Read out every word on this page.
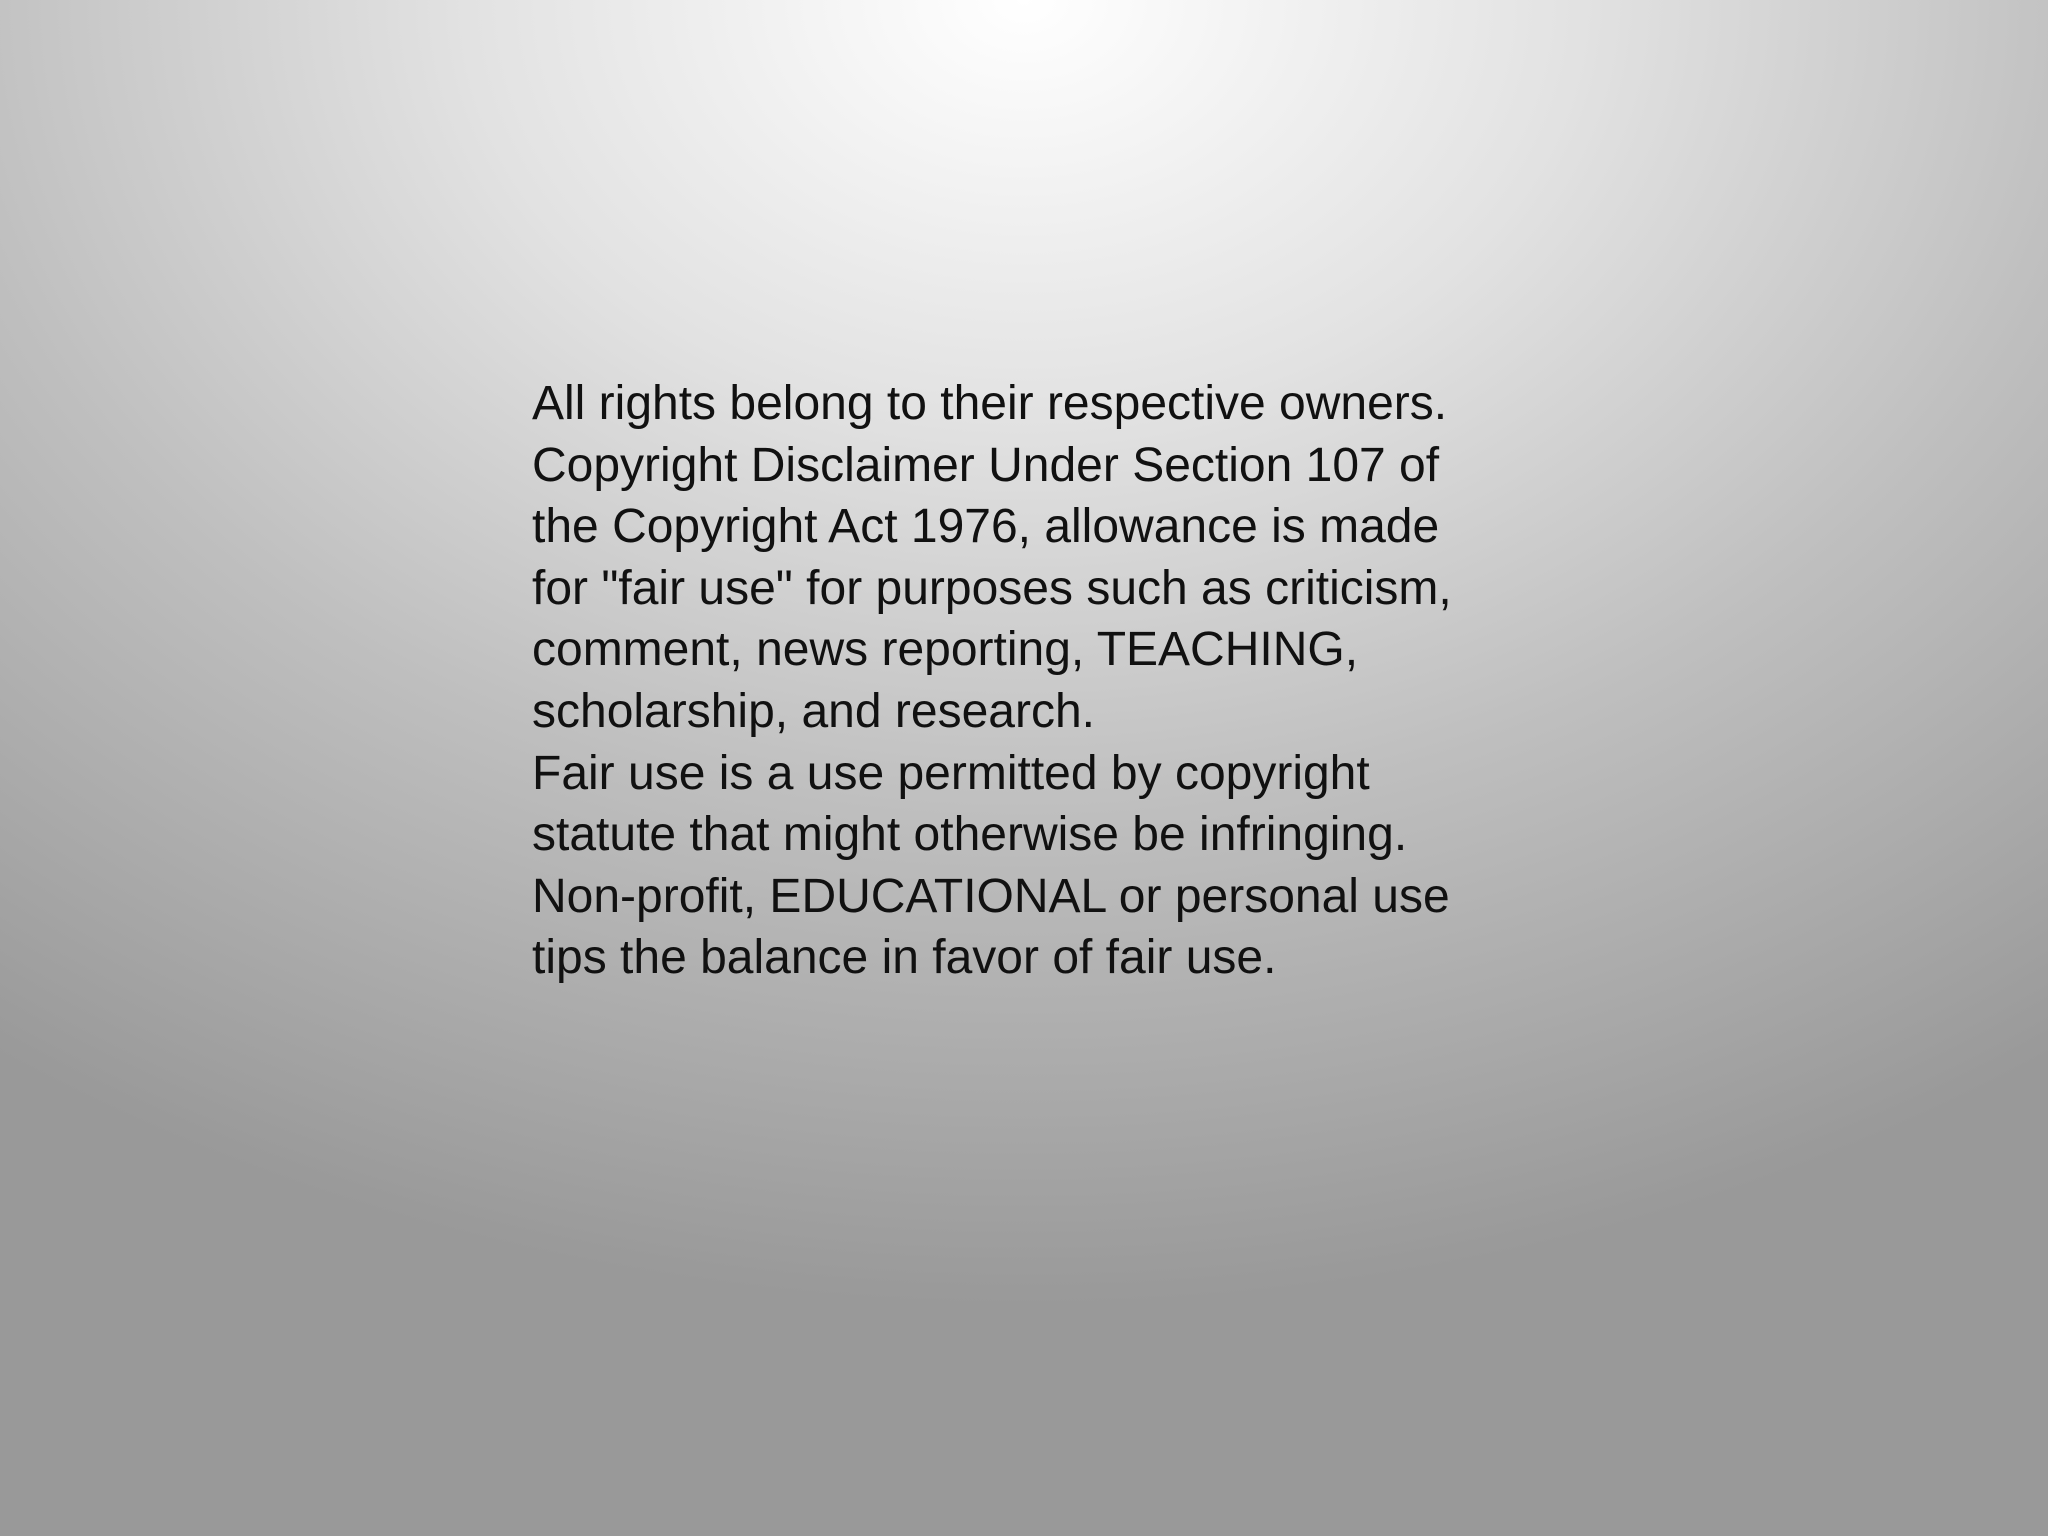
All rights belong to their respective owners.
Copyright Disclaimer Under Section 107 of
the Copyright Act 1976, allowance is made
for "fair use" for purposes such as criticism,
comment, news reporting, TEACHING,
scholarship, and research.
Fair use is a use permitted by copyright
statute that might otherwise be infringing.
Non-profit, EDUCATIONAL or personal use
tips the balance in favor of fair use.
